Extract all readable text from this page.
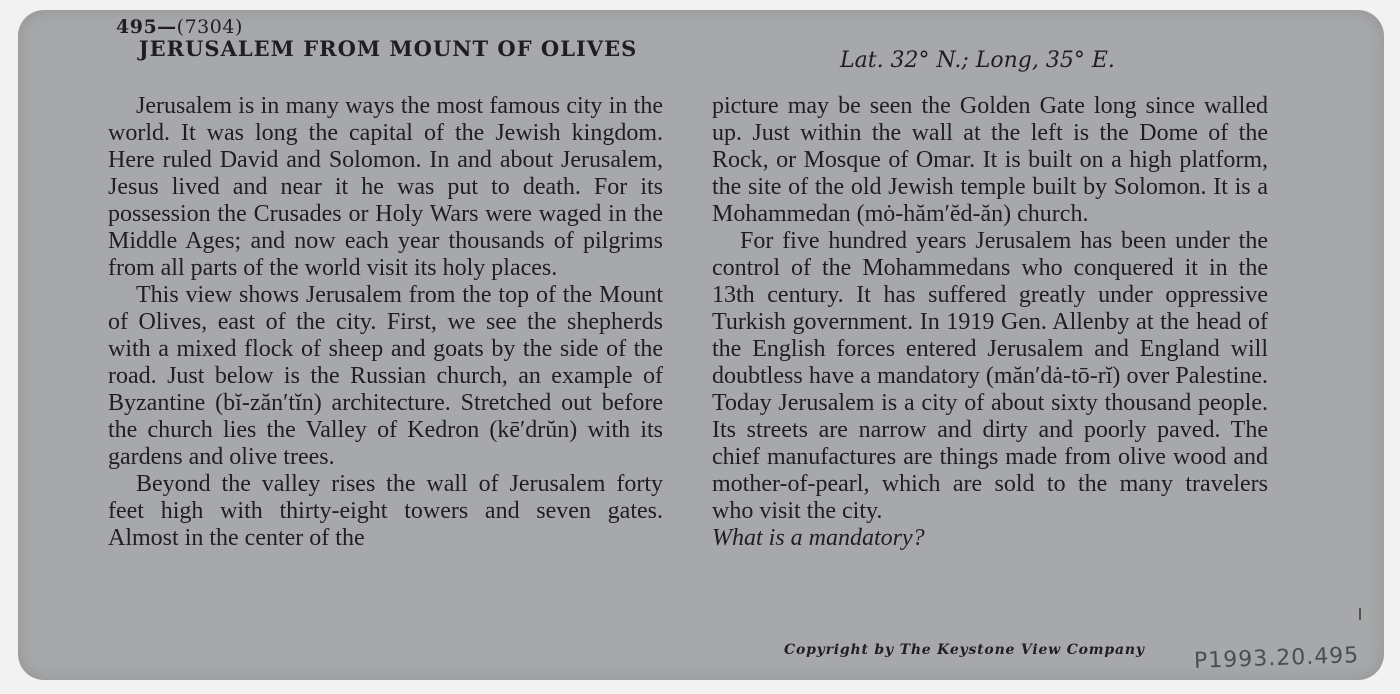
495—(7304)
JERUSALEM FROM MOUNT OF OLIVES	Lat. 32° N.; Long, 35° E.

Jerusalem is in many ways the most famous city in the world. It was long the capital of the Jewish kingdom. Here ruled David and Solomon. In and about Jerusalem, Jesus lived and near it he was put to death. For its possession the Crusades or Holy Wars were waged in the Middle Ages; and now each year thousands of pilgrims from all parts of the world visit its holy places.

This view shows Jerusalem from the top of the Mount of Olives, east of the city. First, we see the shepherds with a mixed flock of sheep and goats by the side of the road. Just below is the Russian church, an example of Byzantine (bĭ-zăn′tĭn) architecture. Stretched out before the church lies the Valley of Kedron (kē′drŭn) with its gardens and olive trees.

Beyond the valley rises the wall of Jerusalem forty feet high with thirty-eight towers and seven gates. Almost in the center of the

picture may be seen the Golden Gate long since walled up. Just within the wall at the left is the Dome of the Rock, or Mosque of Omar. It is built on a high platform, the site of the old Jewish temple built by Solomon. It is a Mohammedan (mȯ-hăm′ĕd-ăn) church.

For five hundred years Jerusalem has been under the control of the Mohammedans who conquered it in the 13th century. It has suffered greatly under oppressive Turkish government. In 1919 Gen. Allenby at the head of the English forces entered Jerusalem and England will doubtless have a mandatory (măn′dȧ-tō-rĭ) over Palestine. Today Jerusalem is a city of about sixty thousand people. Its streets are narrow and dirty and poorly paved. The chief manufactures are things made from olive wood and mother-of-pearl, which are sold to the many travelers who visit the city.

What is a mandatory?
Copyright by The Keystone View Company P1993.20.495
